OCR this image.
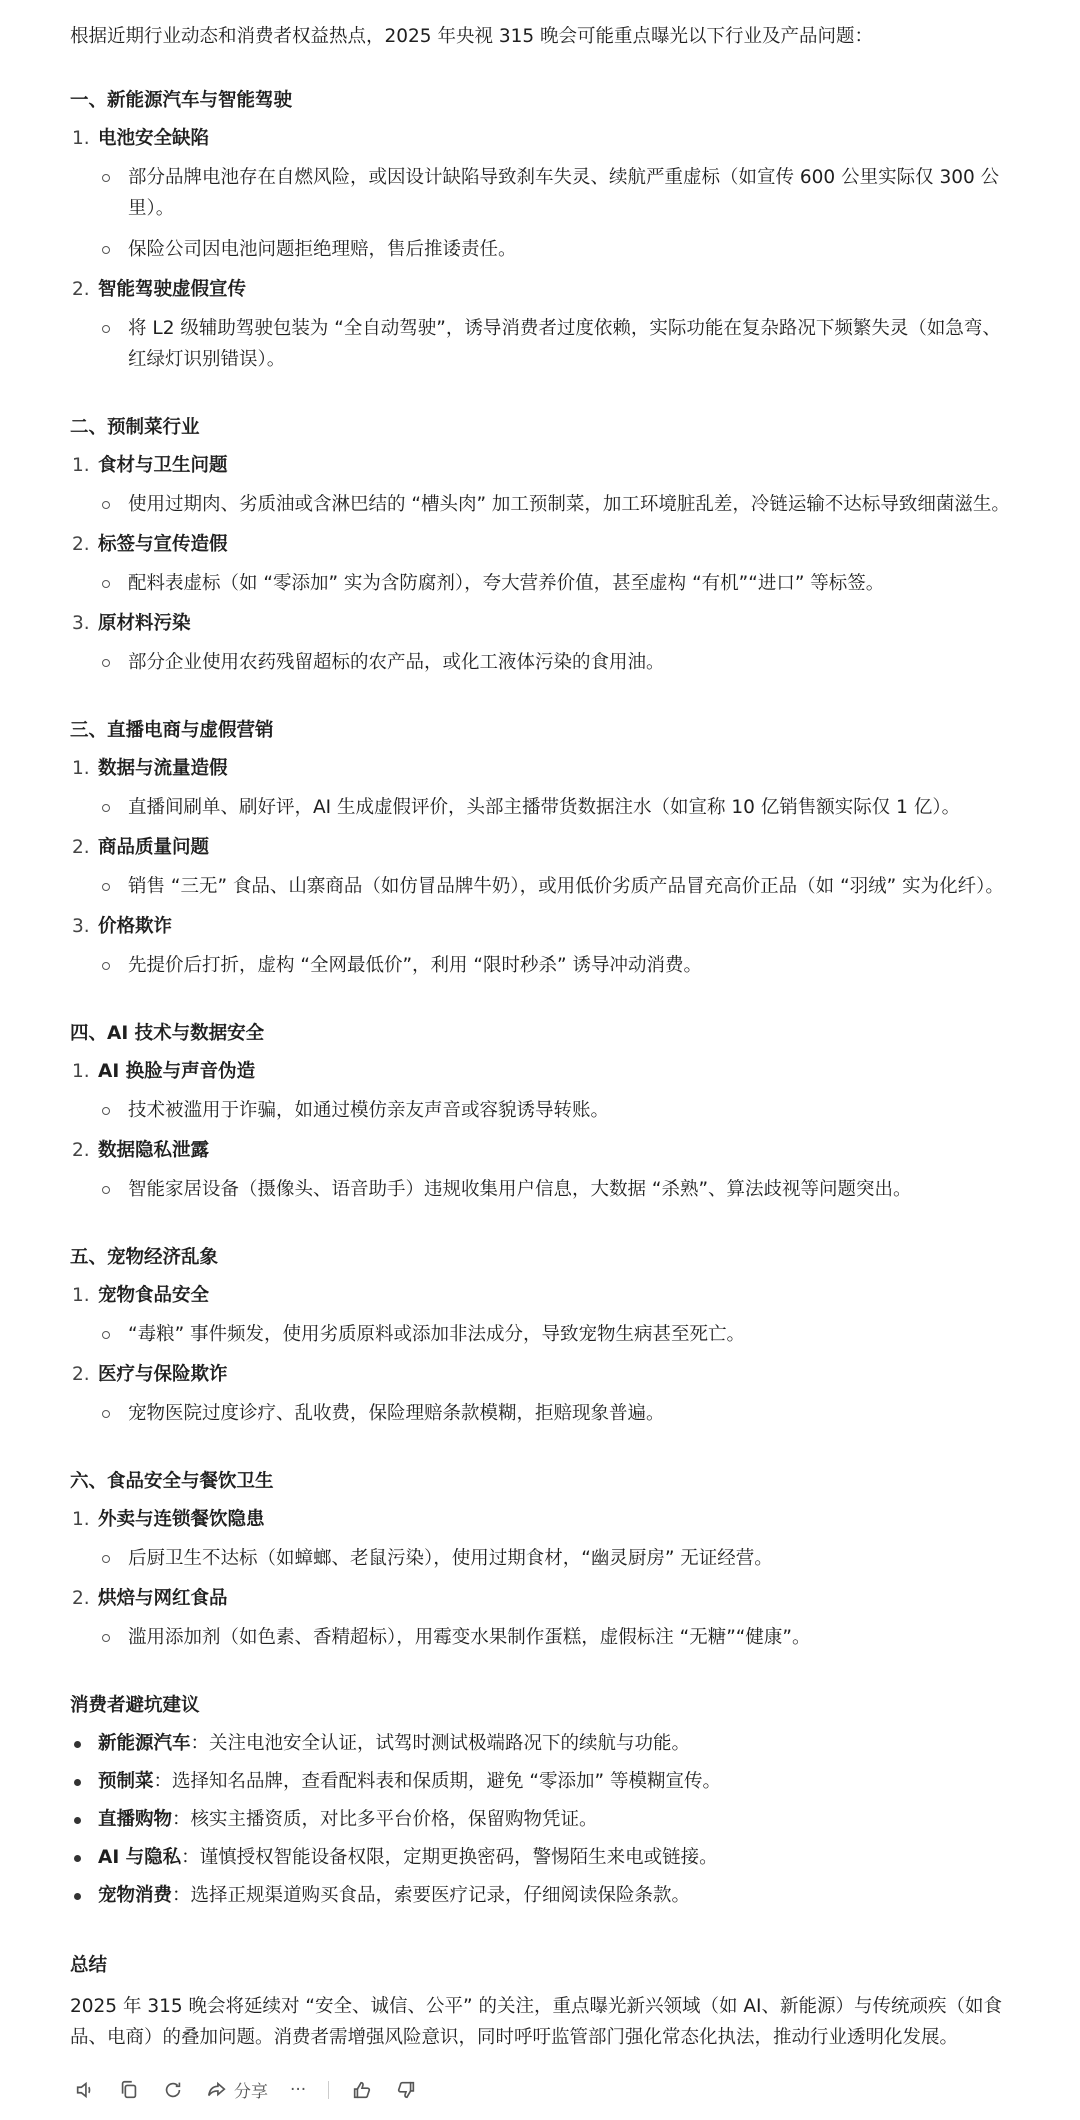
根据近期行业动态和消费者权益热点，2025 年央视 315 晚会可能重点曝光以下行业及产品问题：
一、新能源汽车与智能驾驶
1. 电池安全缺陷
部分品牌电池存在自燃风险，或因设计缺陷导致刹车失灵、续航严重虚标（如宣传 600 公里实际仅 300 公里）。
保险公司因电池问题拒绝理赔，售后推诿责任。
2. 智能驾驶虚假宣传
将 L2 级辅助驾驶包装为 “全自动驾驶”，诱导消费者过度依赖，实际功能在复杂路况下频繁失灵（如急弯、红绿灯识别错误）。
二、预制菜行业
1. 食材与卫生问题
使用过期肉、劣质油或含淋巴结的 “槽头肉” 加工预制菜，加工环境脏乱差，冷链运输不达标导致细菌滋生。
2. 标签与宣传造假
配料表虚标（如 “零添加” 实为含防腐剂），夸大营养价值，甚至虚构 “有机”“进口” 等标签。
3. 原材料污染
部分企业使用农药残留超标的农产品，或化工液体污染的食用油。
三、直播电商与虚假营销
1. 数据与流量造假
直播间刷单、刷好评，AI 生成虚假评价，头部主播带货数据注水（如宣称 10 亿销售额实际仅 1 亿）。
2. 商品质量问题
销售 “三无” 食品、山寨商品（如仿冒品牌牛奶），或用低价劣质产品冒充高价正品（如 “羽绒” 实为化纤）。
3. 价格欺诈
先提价后打折，虚构 “全网最低价”，利用 “限时秒杀” 诱导冲动消费。
四、AI 技术与数据安全
1. AI 换脸与声音伪造
技术被滥用于诈骗，如通过模仿亲友声音或容貌诱导转账。
2. 数据隐私泄露
智能家居设备（摄像头、语音助手）违规收集用户信息，大数据 “杀熟”、算法歧视等问题突出。
五、宠物经济乱象
1. 宠物食品安全
“毒粮” 事件频发，使用劣质原料或添加非法成分，导致宠物生病甚至死亡。
2. 医疗与保险欺诈
宠物医院过度诊疗、乱收费，保险理赔条款模糊，拒赔现象普遍。
六、食品安全与餐饮卫生
1. 外卖与连锁餐饮隐患
后厨卫生不达标（如蟑螂、老鼠污染），使用过期食材，“幽灵厨房” 无证经营。
2. 烘焙与网红食品
滥用添加剂（如色素、香精超标），用霉变水果制作蛋糕，虚假标注 “无糖”“健康”。
消费者避坑建议
新能源汽车：关注电池安全认证，试驾时测试极端路况下的续航与功能。
预制菜：选择知名品牌，查看配料表和保质期，避免 “零添加” 等模糊宣传。
直播购物：核实主播资质，对比多平台价格，保留购物凭证。
AI 与隐私：谨慎授权智能设备权限，定期更换密码，警惕陌生来电或链接。
宠物消费：选择正规渠道购买食品，索要医疗记录，仔细阅读保险条款。
总结
2025 年 315 晚会将延续对 “安全、诚信、公平” 的关注，重点曝光新兴领域（如 AI、新能源）与传统顽疾（如食品、电商）的叠加问题。消费者需增强风险意识，同时呼吁监管部门强化常态化执法，推动行业透明化发展。
分享 ···
